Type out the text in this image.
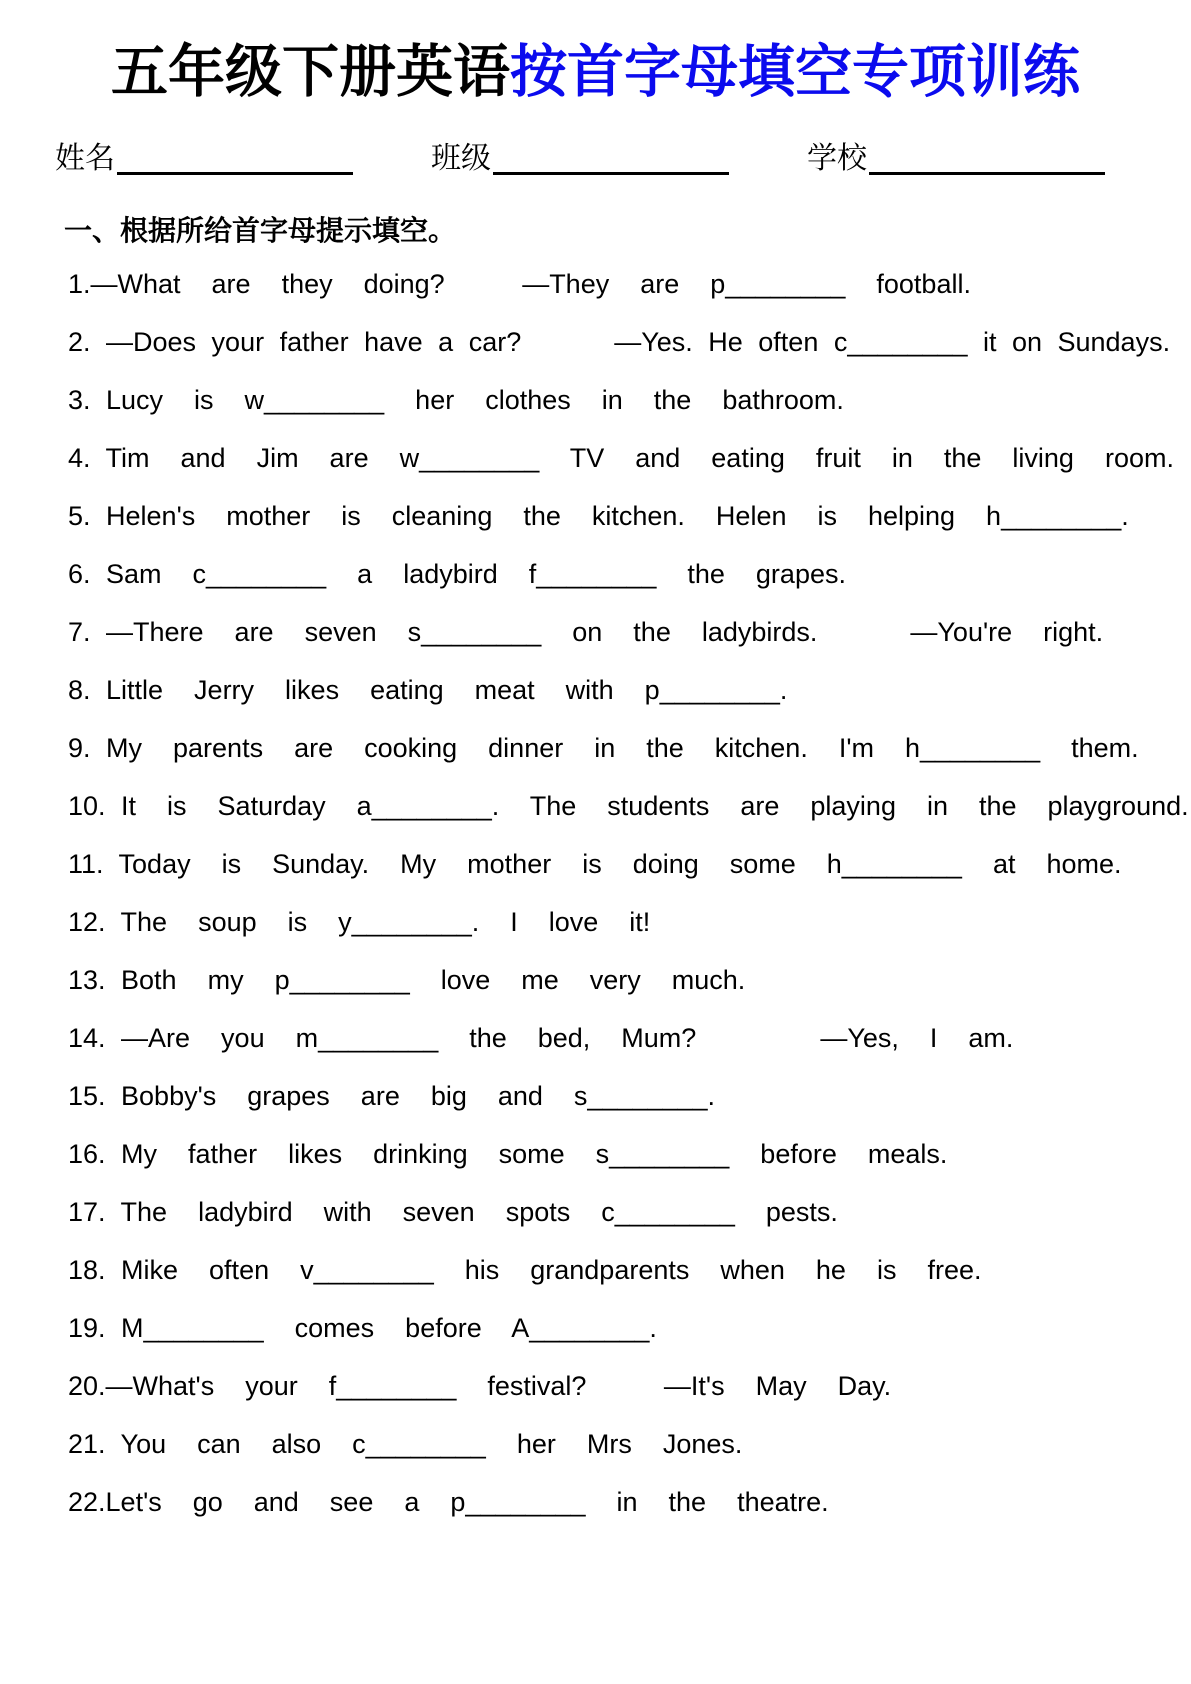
五年级下册英语按首字母填空专项训练
姓名	班级	学校
一、根据所给首字母提示填空。
1.—What  are  they  doing?     —They  are  p________  football.
2. —Does your father have a car?      —Yes. He often c________ it on Sundays.
3. Lucy  is  w________  her  clothes  in  the  bathroom.
4. Tim  and  Jim  are  w________  TV  and  eating  fruit  in  the  living  room.
5. Helen's  mother  is  cleaning  the  kitchen.  Helen  is  helping  h________.
6. Sam  c________  a  ladybird  f________  the  grapes.
7. —There  are  seven  s________  on  the  ladybirds.      —You're  right.
8. Little  Jerry  likes  eating  meat  with  p________.
9. My  parents  are  cooking  dinner  in  the  kitchen.  I'm  h________  them.
10. It  is  Saturday  a________.  The  students  are  playing  in  the  playground.
11. Today  is  Sunday.  My  mother  is  doing  some  h________  at  home.
12. The  soup  is  y________.  I  love  it!
13. Both  my  p________  love  me  very  much.
14. —Are  you  m________  the  bed,  Mum?        —Yes,  I  am.
15. Bobby's  grapes  are  big  and  s________.
16. My  father  likes  drinking  some  s________  before  meals.
17. The  ladybird  with  seven  spots  c________  pests.
18. Mike  often  v________  his  grandparents  when  he  is  free.
19. M________  comes  before  A________.
20.—What's  your  f________  festival?     —It's  May  Day.
21. You  can  also  c________  her  Mrs  Jones.
22.Let's  go  and  see  a  p________  in  the  theatre.
